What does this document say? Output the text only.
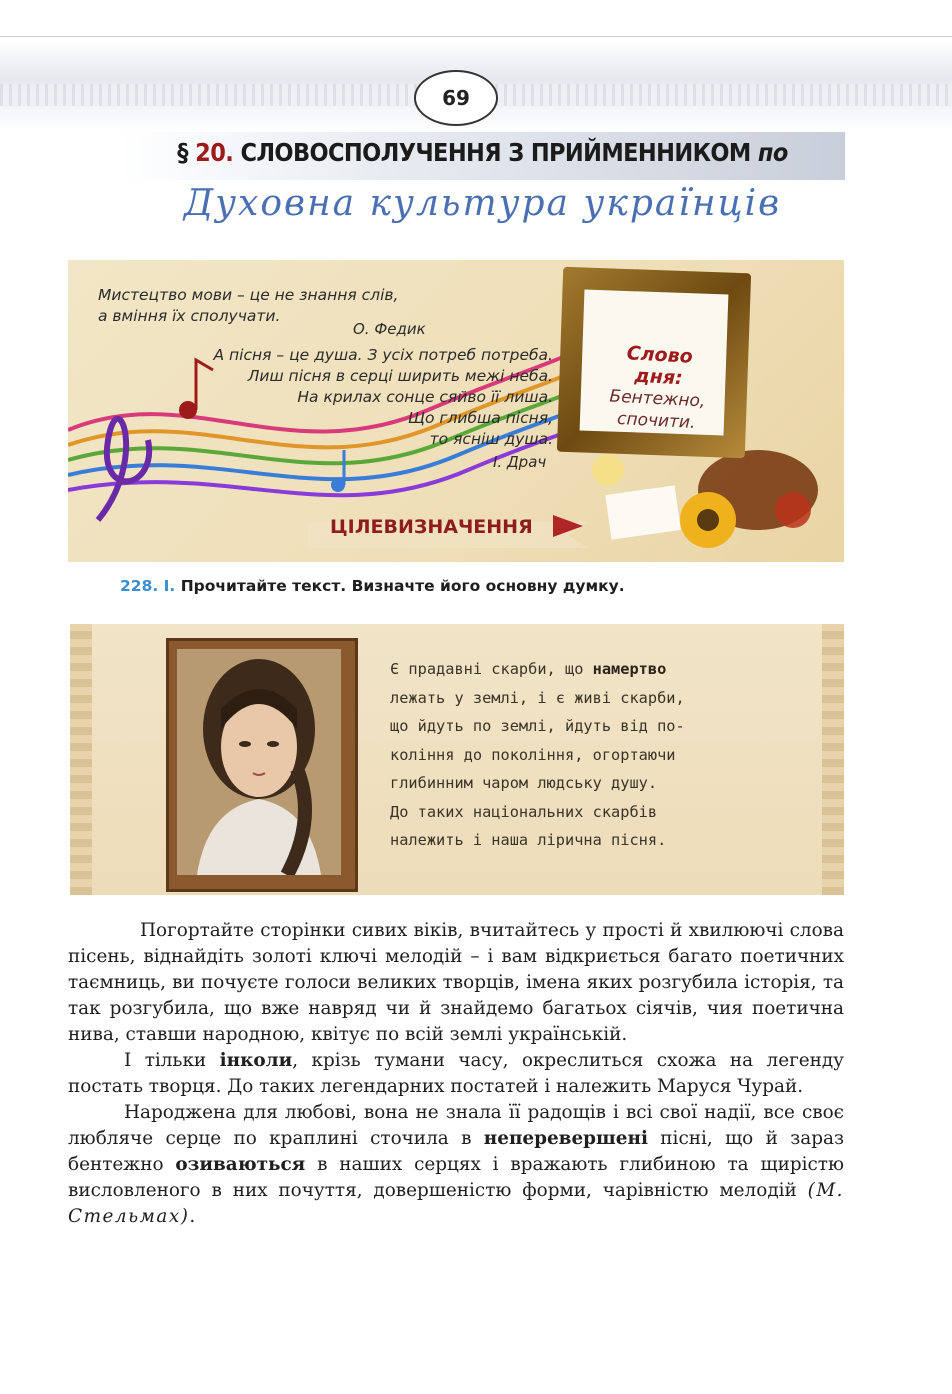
69
§ 20. СЛОВОСПОЛУЧЕННЯ З ПРИЙМЕННИКОМ по
Духовна культура українців
Мистецтво мови – це не знання слів,
а вміння їх сполучати.
О. Федик
А пісня – це душа. З усіх потреб потреба.
Лиш пісня в серці ширить межі неба.
На крилах сонце сяйво її лиша.
Що глибша пісня,
то ясніш душа.
І. Драч
Слово дня:
Бентежно,
спочити.
ЦІЛЕВИЗНАЧЕННЯ
228. І. Прочитайте текст. Визначте його основну думку.
Є прадавні скарби, що намертво
лежать у землі, і є живі скарби,
що йдуть по землі, йдуть від по-
коління до покоління, огортаючи
глибинним чаром людську душу.
До таких національних скарбів
належить і наша лірична пісня.

Погортайте сторінки сивих віків, вчитайтесь у прості й хвилюючі слова пісень, віднайдіть золоті ключі мелодій – і вам відкриється багато поетичних таємниць, ви почуєте голоси великих творців, імена яких розгубила історія, та так розгубила, що вже навряд чи й знайдемо багатьох сіячів, чия поетична нива, ставши народною, квітує по всій землі українській.

І тільки інколи, крізь тумани часу, окреслиться схожа на легенду постать творця. До таких легендарних постатей і належить Маруся Чурай.

Народжена для любові, вона не знала її радощів і всі свої надії, все своє любляче серце по краплині сточила в неперевершені пісні, що й зараз бентежно озиваються в наших серцях і вражають глибиною та щирістю висловленого в них почуття, довершеністю форми, чарівністю мелодій (М. Стельмах).
